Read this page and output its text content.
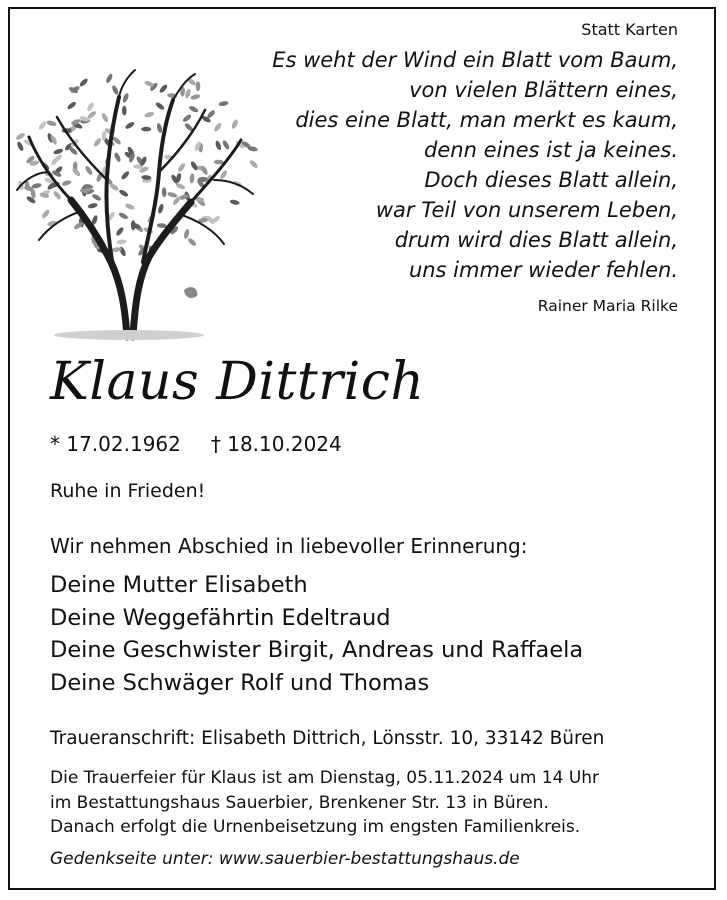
Statt Karten
Es weht der Wind ein Blatt vom Baum,
von vielen Blättern eines,
dies eine Blatt, man merkt es kaum,
denn eines ist ja keines.
Doch dieses Blatt allein,
war Teil von unserem Leben,
drum wird dies Blatt allein,
uns immer wieder fehlen.
Rainer Maria Rilke
Klaus Dittrich
* 17.02.1962 † 18.10.2024
Ruhe in Frieden!
Wir nehmen Abschied in liebevoller Erinnerung:
Deine Mutter Elisabeth
Deine Weggefährtin Edeltraud
Deine Geschwister Birgit, Andreas und Raffaela
Deine Schwäger Rolf und Thomas
Traueranschrift: Elisabeth Dittrich, Lönsstr. 10, 33142 Büren
Die Trauerfeier für Klaus ist am Dienstag, 05.11.2024 um 14 Uhr
im Bestattungshaus Sauerbier, Brenkener Str. 13 in Büren.
Danach erfolgt die Urnenbeisetzung im engsten Familienkreis.
Gedenkseite unter: www.sauerbier-bestattungshaus.de
